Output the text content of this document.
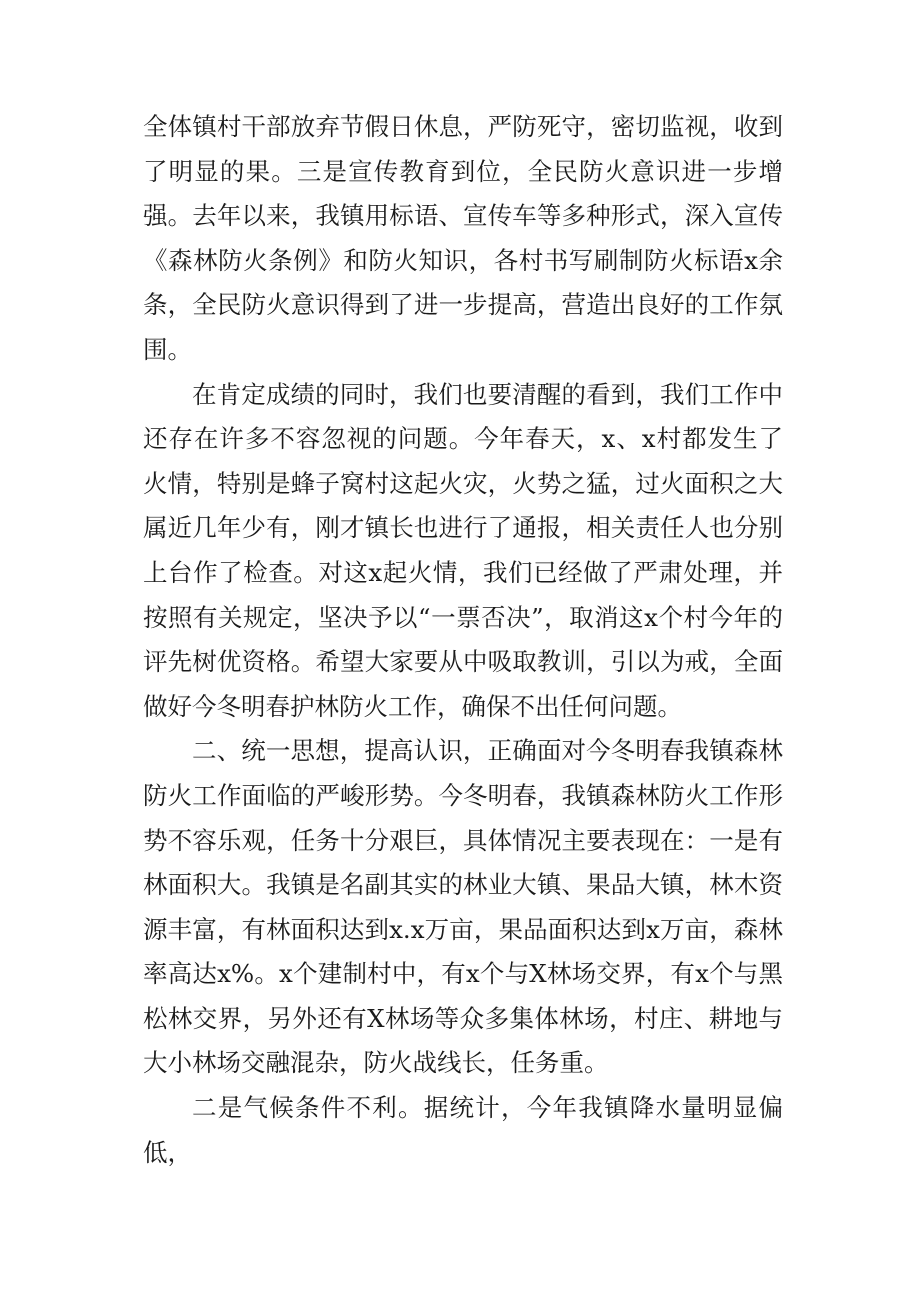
全体镇村干部放弃节假日休息，严防死守，密切监视，收到了明显的果。三是宣传教育到位，全民防火意识进一步增强。去年以来，我镇用标语、宣传车等多种形式，深入宣传《森林防火条例》和防火知识，各村书写刷制防火标语x余条，全民防火意识得到了进一步提高，营造出良好的工作氛围。

在肯定成绩的同时，我们也要清醒的看到，我们工作中还存在许多不容忽视的问题。今年春天，x、x村都发生了火情，特别是蜂子窝村这起火灾，火势之猛，过火面积之大属近几年少有，刚才镇长也进行了通报，相关责任人也分别上台作了检查。对这x起火情，我们已经做了严肃处理，并按照有关规定，坚决予以“一票否决”，取消这x个村今年的评先树优资格。希望大家要从中吸取教训，引以为戒，全面做好今冬明春护林防火工作，确保不出任何问题。

二、统一思想，提高认识，正确面对今冬明春我镇森林防火工作面临的严峻形势。今冬明春，我镇森林防火工作形势不容乐观，任务十分艰巨，具体情况主要表现在：一是有林面积大。我镇是名副其实的林业大镇、果品大镇，林木资源丰富，有林面积达到x.x万亩，果品面积达到x万亩，森林率高达x%。x个建制村中，有x个与X林场交界，有x个与黑松林交界，另外还有X林场等众多集体林场，村庄、耕地与大小林场交融混杂，防火战线长，任务重。

二是气候条件不利。据统计，今年我镇降水量明显偏低，
